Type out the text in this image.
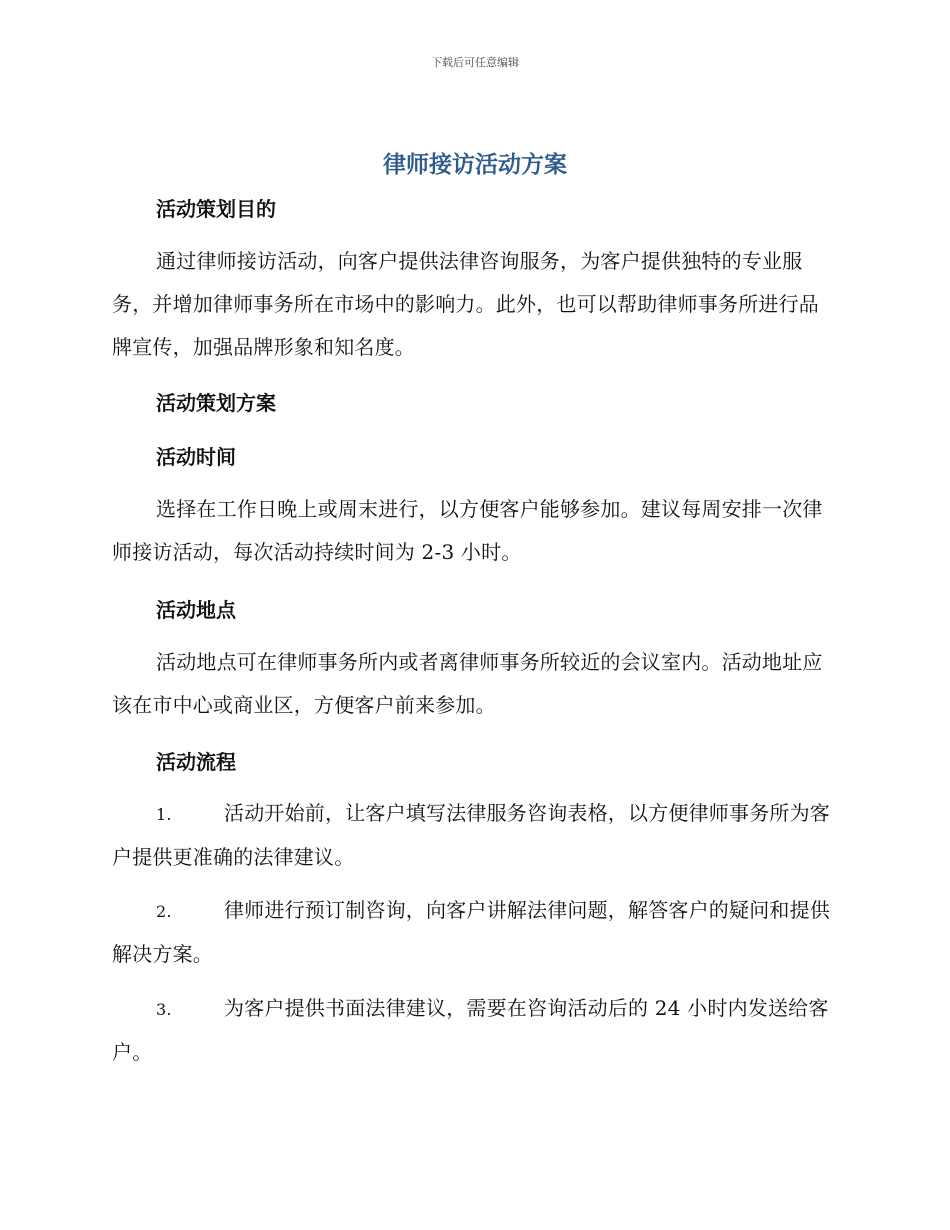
下载后可任意编辑
律师接访活动方案
活动策划目的
通过律师接访活动，向客户提供法律咨询服务，为客户提供独特的专业服务，并增加律师事务所在市场中的影响力。此外，也可以帮助律师事务所进行品牌宣传，加强品牌形象和知名度。
活动策划方案
活动时间
选择在工作日晚上或周末进行，以方便客户能够参加。建议每周安排一次律师接访活动，每次活动持续时间为 2-3 小时。
活动地点
活动地点可在律师事务所内或者离律师事务所较近的会议室内。活动地址应该在市中心或商业区，方便客户前来参加。
活动流程
1.	活动开始前，让客户填写法律服务咨询表格，以方便律师事务所为客户提供更准确的法律建议。
2.	律师进行预订制咨询，向客户讲解法律问题，解答客户的疑问和提供解决方案。
3.	为客户提供书面法律建议，需要在咨询活动后的 24 小时内发送给客户。
